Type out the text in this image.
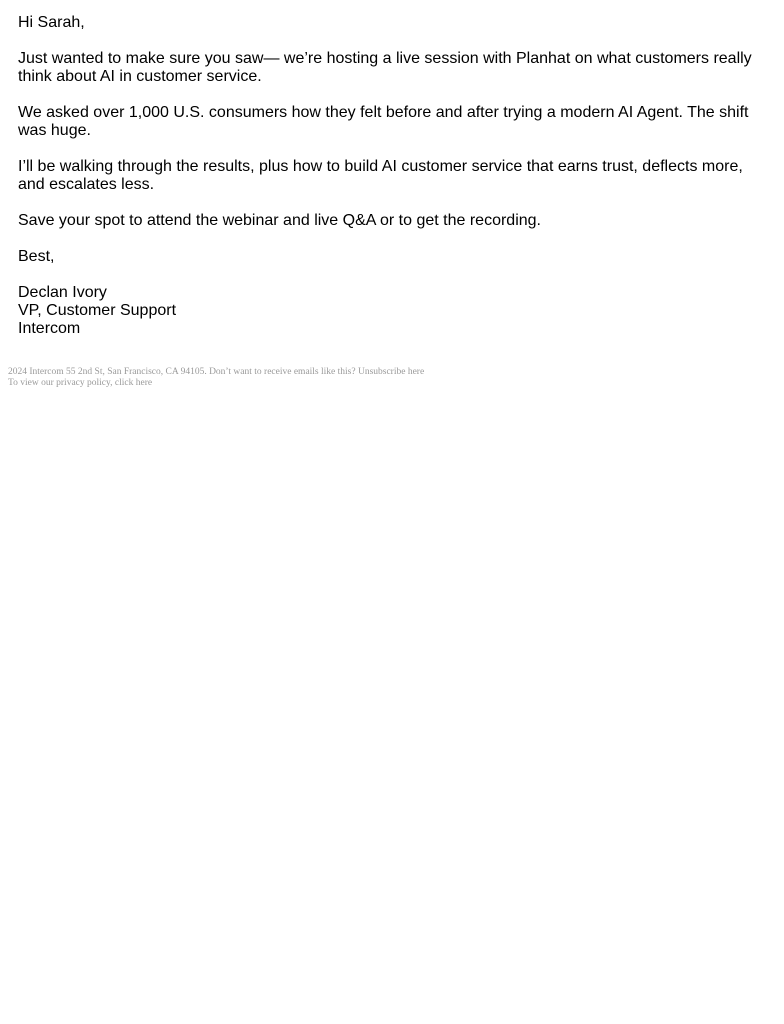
Hi Sarah,

Just wanted to make sure you saw— we’re hosting a live session with Planhat on what customers really think about AI in customer service.

We asked over 1,000 U.S. consumers how they felt before and after trying a modern AI Agent. The shift was huge.

I’ll be walking through the results, plus how to build AI customer service that earns trust, deflects more, and escalates less.

Save your spot to attend the webinar and live Q&A or to get the recording.

Best,

Declan Ivory
VP, Customer Support
Intercom
2024 Intercom 55 2nd St, San Francisco, CA 94105. Don’t want to receive emails like this? Unsubscribe here
To view our privacy policy, click here
